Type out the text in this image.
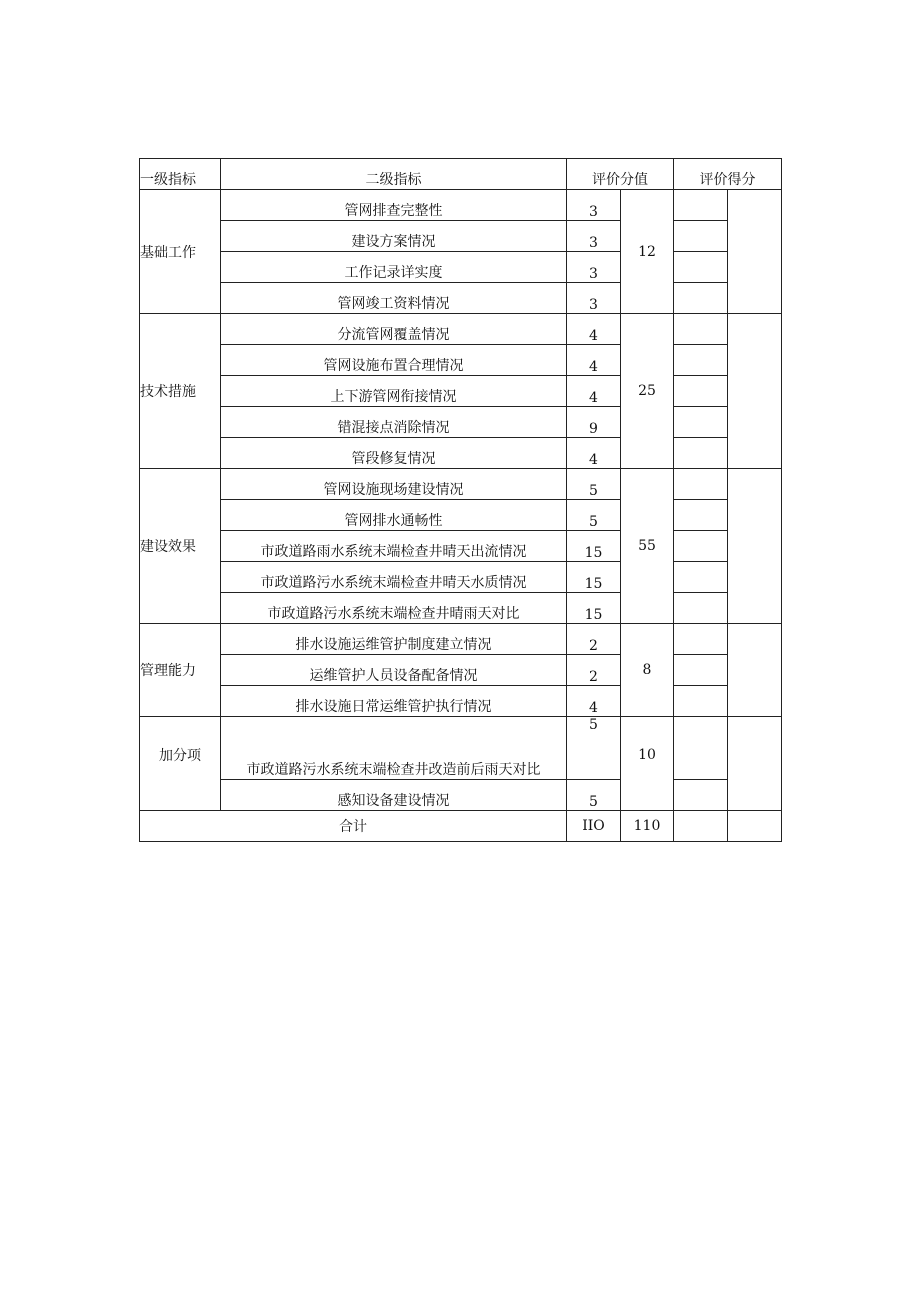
一级指标	二级指标	评价分值		评价得分	
基础工作	管网排查完整性	3	12		
	建设方案情况	3			
	工作记录详实度	3			
	管网竣工资料情况	3			
技术措施	分流管网覆盖情况	4	25		
	管网设施布置合理情况	4			
	上下游管网衔接情况	4			
	错混接点消除情况	9			
	管段修复情况	4			
建设效果	管网设施现场建设情况	5	55		
	管网排水通畅性	5			
	市政道路雨水系统末端检查井晴天出流情况	15			
	市政道路污水系统末端检查井晴天水质情况	15			
	市政道路污水系统末端检查井晴雨天对比	15			
管理能力	排水设施运维管护制度建立情况	2	8		
	运维管护人员设备配备情况	2			
	排水设施日常运维管护执行情况	4			
加分项	市政道路污水系统末端检查井改造前后雨天对比	5	10		
	感知设备建设情况	5			
合计		IIO	110		
